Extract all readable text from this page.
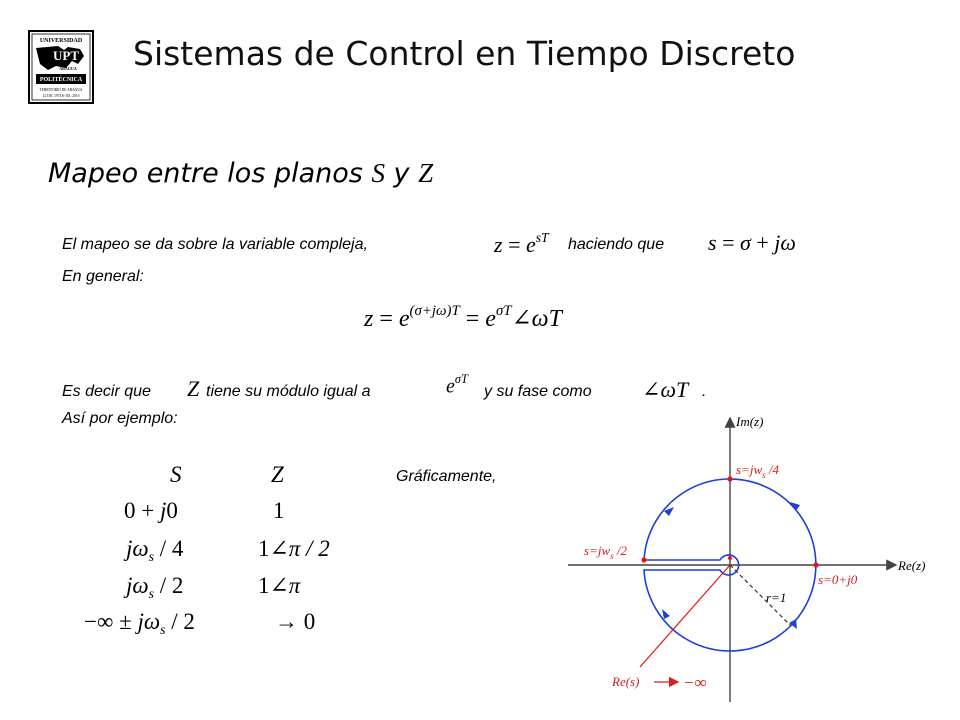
UNIVERSIDAD
UPT
ARAGUA
POLITÉCNICA
TERRITORIO DE ARAGUA
12 DIC 1974 6-JUL 2010
Sistemas de Control en Tiempo Discreto
Mapeo entre los planos S y Z
El mapeo se da sobre la variable compleja,	$z = e^{sT}$ haciendo que s = σ + jω
En general:
$z = e^{(\sigma+j\omega)T}$ = $e^{\sigma T}\angle\omega T$
Es decir que Z tiene su módulo igual a	$e^{\sigma T}$
y su fase como ∠ωT .
Así por ejemplo:
S	Z
0 + j0	1
$j\omega_s / 4$	1∠π / 2
$j\omega_s / 2$	1∠π
−∞ ± $j\omega_s / 2$	→ 0
Gráficamente,
Im(z)
Re(z)
r=1
$s=jw_s$ /4
$s=jw_s$ /2
s=0+j0
Re(s)	−∞
